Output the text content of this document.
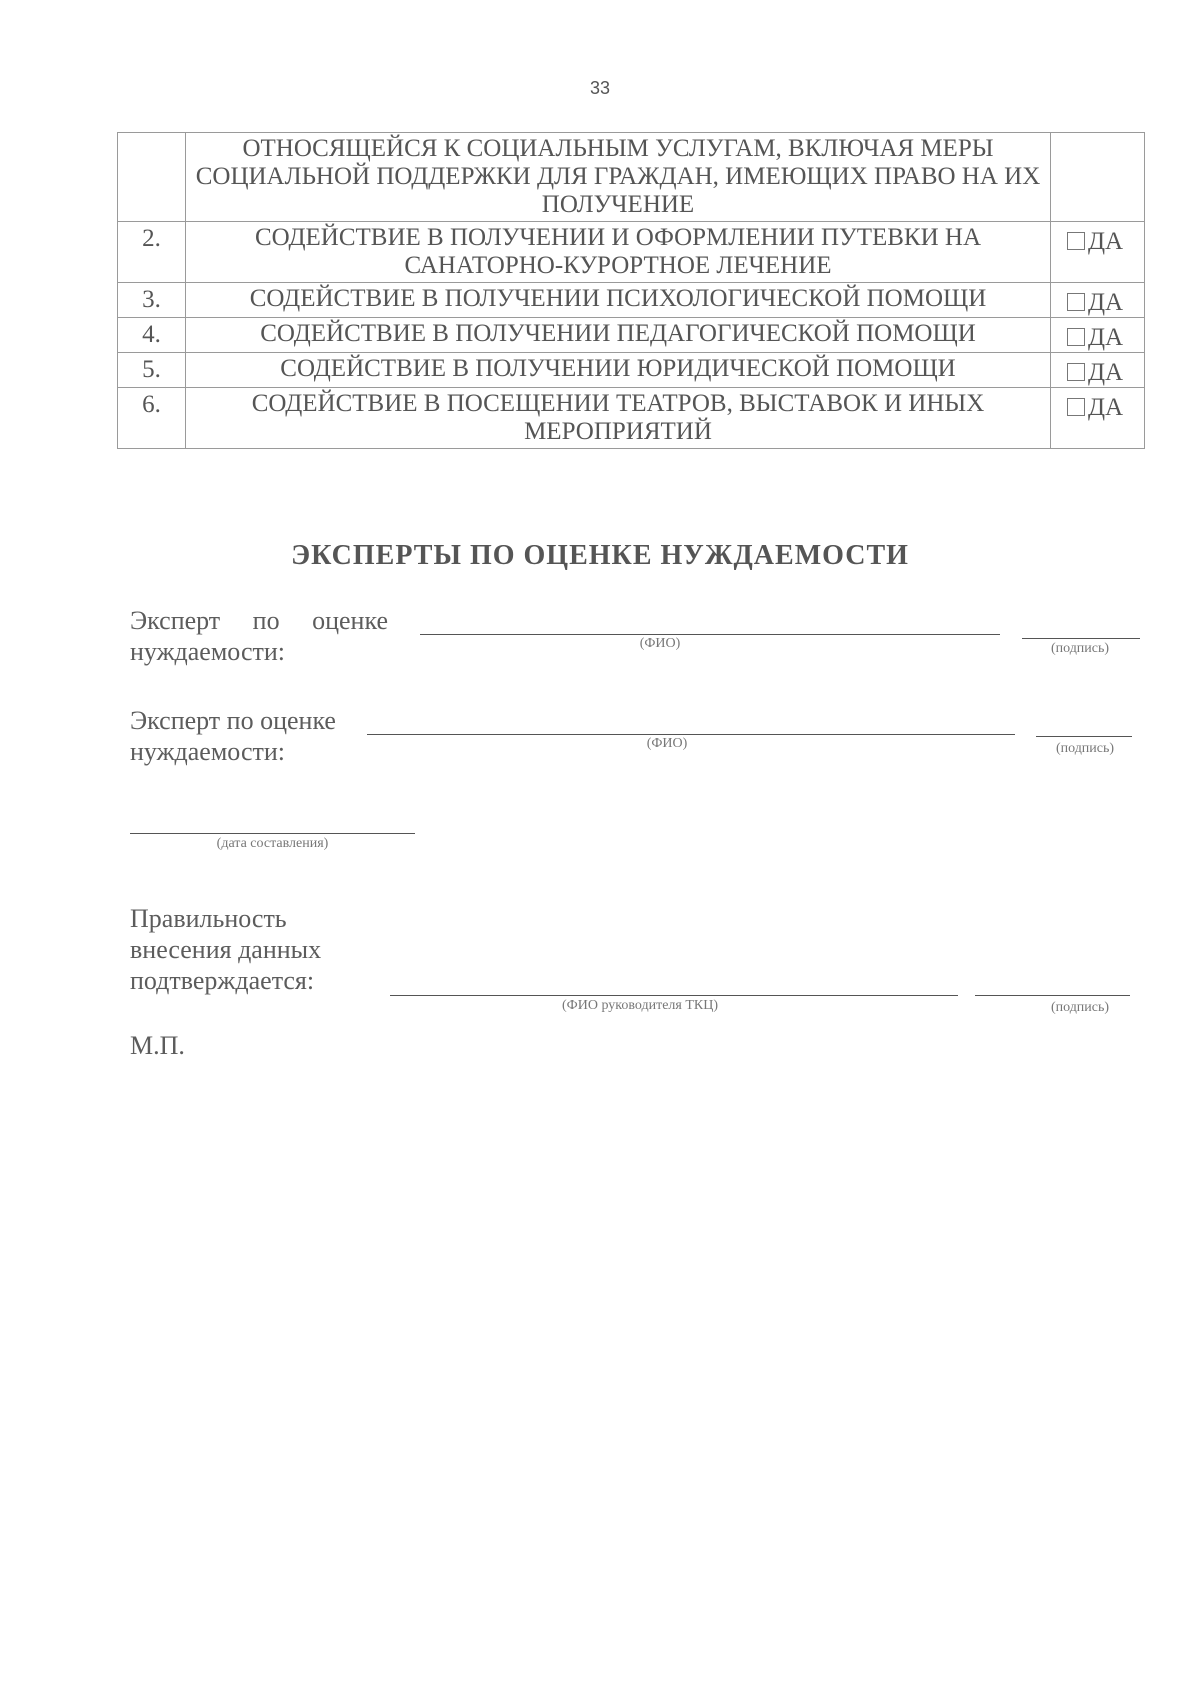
33
	ОТНОСЯЩЕЙСЯ К СОЦИАЛЬНЫМ УСЛУГАМ, ВКЛЮЧАЯ МЕРЫ СОЦИАЛЬНОЙ ПОДДЕРЖКИ ДЛЯ ГРАЖДАН, ИМЕЮЩИХ ПРАВО НА ИХ ПОЛУЧЕНИЕ	
2.	СОДЕЙСТВИЕ В ПОЛУЧЕНИИ И ОФОРМЛЕНИИ ПУТЕВКИ НА САНАТОРНО-КУРОРТНОЕ ЛЕЧЕНИЕ	ДА
3.	СОДЕЙСТВИЕ В ПОЛУЧЕНИИ ПСИХОЛОГИЧЕСКОЙ ПОМОЩИ	ДА
4.	СОДЕЙСТВИЕ В ПОЛУЧЕНИИ ПЕДАГОГИЧЕСКОЙ ПОМОЩИ	ДА
5.	СОДЕЙСТВИЕ В ПОЛУЧЕНИИ ЮРИДИЧЕСКОЙ ПОМОЩИ	ДА
6.	СОДЕЙСТВИЕ В ПОСЕЩЕНИИ ТЕАТРОВ, ВЫСТАВОК И ИНЫХ МЕРОПРИЯТИЙ	ДА
ЭКСПЕРТЫ ПО ОЦЕНКЕ НУЖДАЕМОСТИ
Эксперт по оценке
нуждаемости:	(ФИО)	(подпись)
Эксперт по оценке
нуждаемости:	(ФИО)	(подпись)
(дата составления)
Правильность
внесения данных
подтверждается:
(ФИО руководителя ТКЦ)	(подпись)
М.П.
